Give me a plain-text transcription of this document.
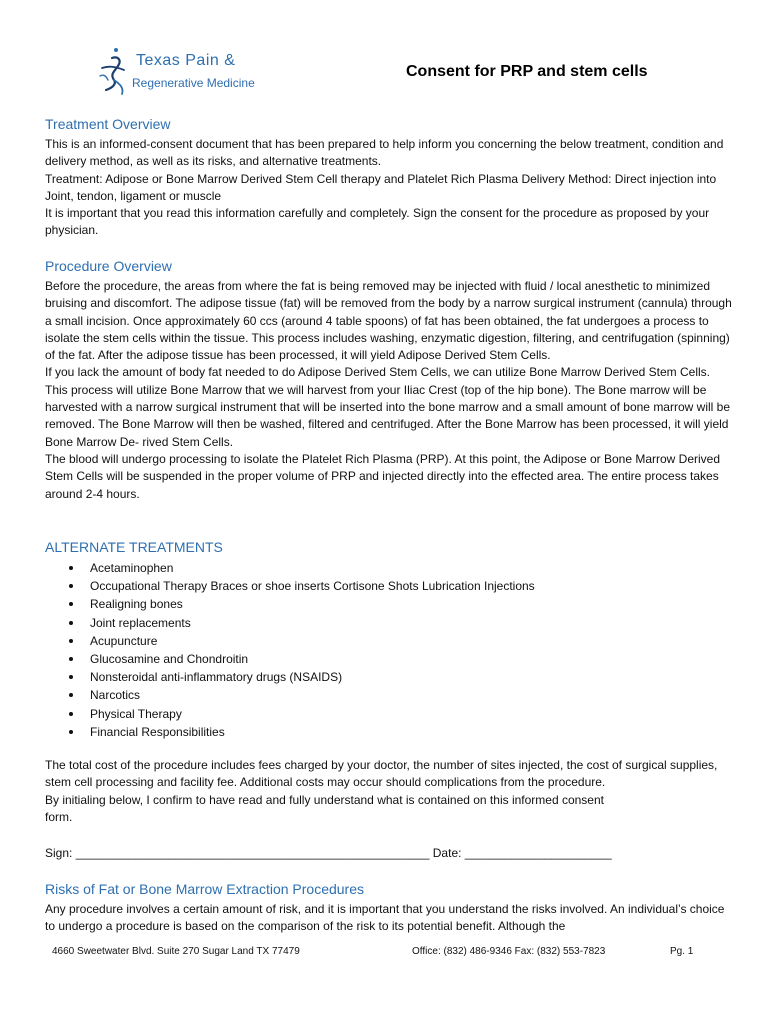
Texas Pain &
Regenerative Medicine
Consent for PRP and stem cells
Treatment Overview

This is an informed-consent document that has been prepared to help inform you concerning the below treatment, condition and delivery method, as well as its risks, and alternative treatments.

Treatment: Adipose or Bone Marrow Derived Stem Cell therapy and Platelet Rich Plasma Delivery Method: Direct injection into Joint, tendon, ligament or muscle

It is important that you read this information carefully and completely. Sign the consent for the procedure as proposed by your physician.

Procedure Overview

Before the procedure, the areas from where the fat is being removed may be injected with fluid / local anesthetic to minimized bruising and discomfort. The adipose tissue (fat) will be removed from the body by a narrow surgical instrument (cannula) through a small incision. Once approximately 60 ccs (around 4 table spoons) of fat has been obtained, the fat undergoes a process to isolate the stem cells within the tissue. This process includes washing, enzymatic digestion, filtering, and centrifugation (spinning) of the fat. After the adipose tissue has been processed, it will yield Adipose Derived Stem Cells.

If you lack the amount of body fat needed to do Adipose Derived Stem Cells, we can utilize Bone Marrow Derived Stem Cells. This process will utilize Bone Marrow that we will harvest from your Iliac Crest (top of the hip bone). The Bone marrow will be harvested with a narrow surgical instrument that will be inserted into the bone marrow and a small amount of bone marrow will be removed. The Bone Marrow will then be washed, filtered and centrifuged. After the Bone Marrow has been processed, it will yield Bone Marrow De- rived Stem Cells.

The blood will undergo processing to isolate the Platelet Rich Plasma (PRP). At this point, the Adipose or Bone Marrow Derived Stem Cells will be suspended in the proper volume of PRP and injected directly into the effected area. The entire process takes around 2-4 hours.

ALTERNATE TREATMENTS
Acetaminophen
Occupational Therapy Braces or shoe inserts Cortisone Shots Lubrication Injections
Realigning bones
Joint replacements
Acupuncture
Glucosamine and Chondroitin
Nonsteroidal anti-inflammatory drugs (NSAIDS)
Narcotics
Physical Therapy
Financial Responsibilities

The total cost of the procedure includes fees charged by your doctor, the number of sites injected, the cost of surgical supplies, stem cell processing and facility fee. Additional costs may occur should complications from the procedure.

By initialing below, I confirm to have read and fully understand what is contained on this informed consent form.

Sign: _____________________________________________________ Date: ______________________
Risks of Fat or Bone Marrow Extraction Procedures

Any procedure involves a certain amount of risk, and it is important that you understand the risks involved. An individual’s choice to undergo a procedure is based on the comparison of the risk to its potential benefit. Although the

4660 Sweetwater Blvd. Suite 270 Sugar Land TX 77479	Office: (832) 486-9346 Fax: (832) 553-7823	Pg. 1
